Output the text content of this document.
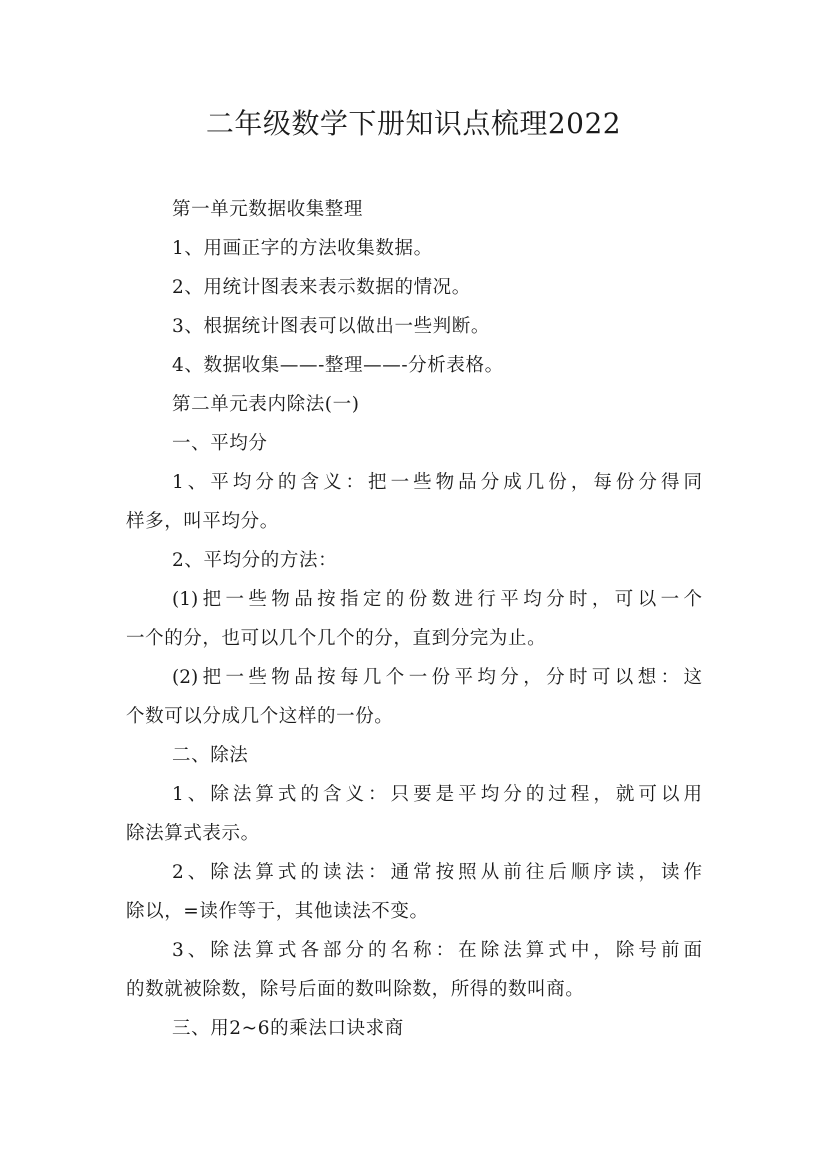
二年级数学下册知识点梳理2022
第一单元数据收集整理
1、用画正字的方法收集数据。
2、用统计图表来表示数据的情况。
3、根据统计图表可以做出一些判断。
4、数据收集——-整理——-分析表格。
第二单元表内除法(一)
一、平均分
1、平均分的含义：把一些物品分成几份，每份分得同
样多，叫平均分。
2、平均分的方法：
(1)把一些物品按指定的份数进行平均分时，可以一个
一个的分，也可以几个几个的分，直到分完为止。
(2)把一些物品按每几个一份平均分，分时可以想：这
个数可以分成几个这样的一份。
二、除法
1、除法算式的含义：只要是平均分的过程，就可以用
除法算式表示。
2、除法算式的读法：通常按照从前往后顺序读，读作
除以，=读作等于，其他读法不变。
3、除法算式各部分的名称：在除法算式中，除号前面
的数就被除数，除号后面的数叫除数，所得的数叫商。
三、用2~6的乘法口诀求商
